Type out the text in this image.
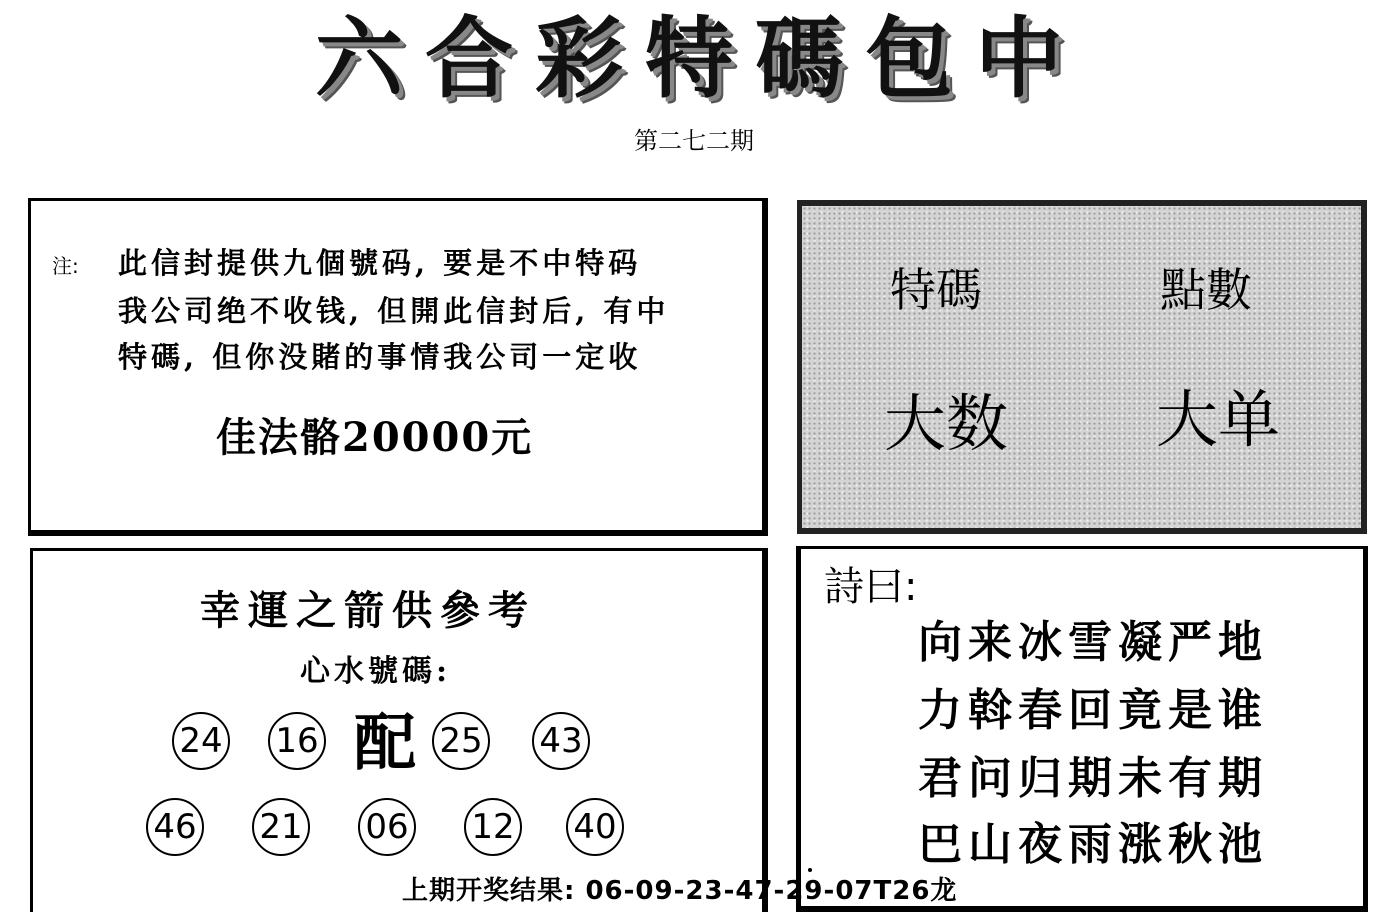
六合彩特碼包中
第二七二期
注: 此信封提供九個號码, 要是不中特码
我公司绝不收钱, 但開此信封后, 有中
特碼, 但你没賭的事情我公司一定收
佳法骼20000元
特碼	點數
大数 大单
幸運之箭供參考
心水號碼:
24 16 配 25 43
46 21 06 12 40
詩曰:
向来冰雪凝严地
力斡春回竟是谁
君问归期未有期
巴山夜雨涨秋池
上期开奖结果: 06-09-23-47-29-07T26龙
